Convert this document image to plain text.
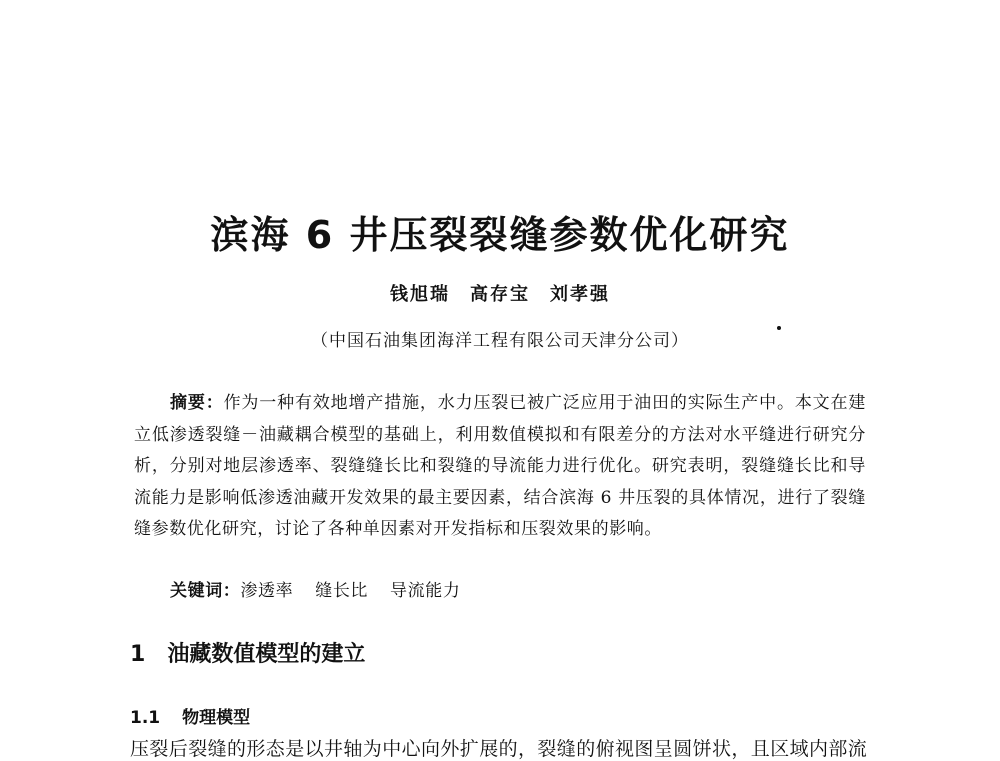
滨海 6 井压裂裂缝参数优化研究
钱旭瑞　高存宝　刘孝强
（中国石油集团海洋工程有限公司天津分公司）
摘要：作为一种有效地增产措施，水力压裂已被广泛应用于油田的实际生产中。本文在建立低渗透裂缝－油藏耦合模型的基础上，利用数值模拟和有限差分的方法对水平缝进行研究分析，分别对地层渗透率、裂缝缝长比和裂缝的导流能力进行优化。研究表明，裂缝缝长比和导流能力是影响低渗透油藏开发效果的最主要因素，结合滨海 6 井压裂的具体情况，进行了裂缝缝参数优化研究，讨论了各种单因素对开发指标和压裂效果的影响。
关键词：渗透率 缝长比 导流能力
1 油藏数值模型的建立
1.1 物理模型
压裂后裂缝的形态是以井轴为中心向外扩展的，裂缝的俯视图呈圆饼状，且区域内部流
